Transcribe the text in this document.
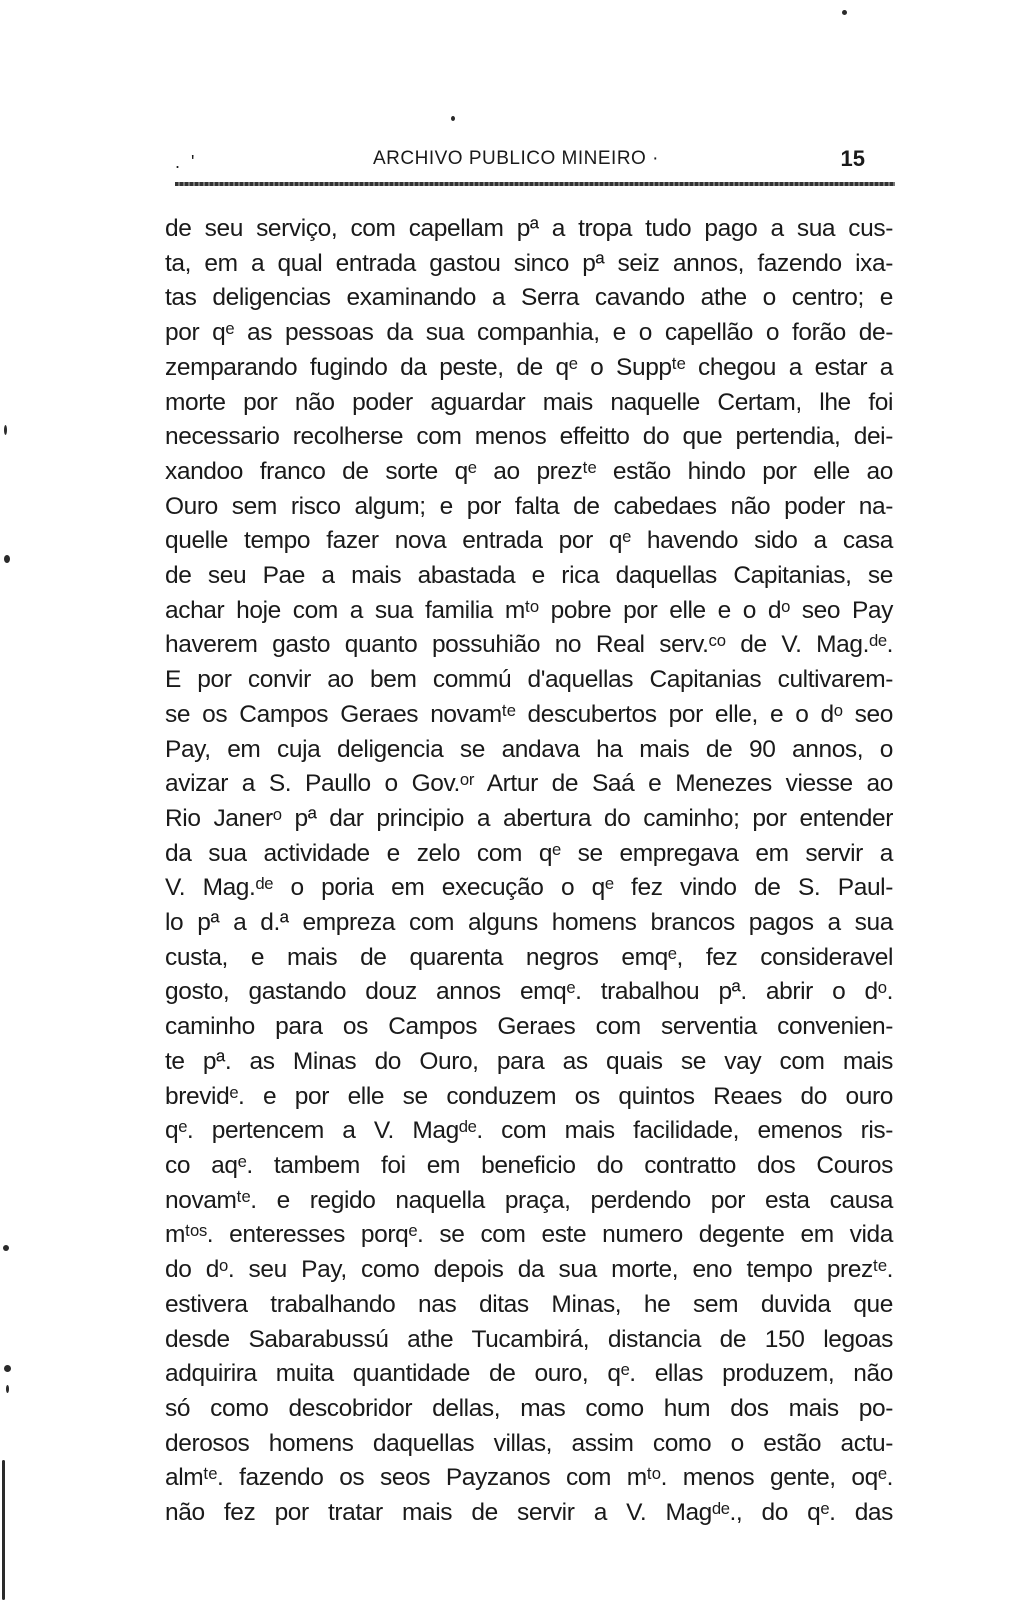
. '	ARCHIVO PUBLICO MINEIRO ·	15
de seu serviço, com capellam pª a tropa tudo pago a sua cus-
ta, em a qual entrada gastou sinco pª seiz annos, fazendo ixa-
tas deligencias examinando a Serra cavando athe o centro; e
por qᵉ as pessoas da sua companhia, e o capellão o forão de-
zemparando fugindo da peste, de qᵉ o Suppᵗᵉ chegou a estar a
morte por não poder aguardar mais naquelle Certam, lhe foi
necessario recolherse com menos effeitto do que pertendia, dei-
xandoo franco de sorte qᵉ ao prezᵗᵉ estão hindo por elle ao
Ouro sem risco algum; e por falta de cabedaes não poder na-
quelle tempo fazer nova entrada por qᵉ havendo sido a casa
de seu Pae a mais abastada e rica daquellas Capitanias, se
achar hoje com a sua familia mᵗᵒ pobre por elle e o dᵒ seo Pay
haverem gasto quanto possuhião no Real serv.ᶜᵒ de V. Mag.ᵈᵉ.
E por convir ao bem commú d'aquellas Capitanias cultivarem-
se os Campos Geraes novamᵗᵉ descubertos por elle, e o dᵒ seo
Pay, em cuja deligencia se andava ha mais de 90 annos, o
avizar a S. Paullo o Gov.ᵒʳ Artur de Saá e Menezes viesse ao
Rio Janerᵒ pª dar principio a abertura do caminho; por entender
da sua actividade e zelo com qᵉ se empregava em servir a
V. Mag.ᵈᵉ o poria em execução o qᵉ fez vindo de S. Paul-
lo pª a d.ª empreza com alguns homens brancos pagos a sua
custa, e mais de quarenta negros emqᵉ, fez consideravel
gosto, gastando douz annos emqᵉ. trabalhou pª. abrir o dᵒ.
caminho para os Campos Geraes com serventia convenien-
te pª. as Minas do Ouro, para as quais se vay com mais
brevidᵉ. e por elle se conduzem os quintos Reaes do ouro
qᵉ. pertencem a V. Magᵈᵉ. com mais facilidade, emenos ris-
co aqᵉ. tambem foi em beneficio do contratto dos Couros
novamᵗᵉ. e regido naquella praça, perdendo por esta causa
mᵗᵒˢ. enteresses porqᵉ. se com este numero degente em vida
do dᵒ. seu Pay, como depois da sua morte, eno tempo prezᵗᵉ.
estivera trabalhando nas ditas Minas, he sem duvida que
desde Sabarabussú athe Tucambirá, distancia de 150 legoas
adquirira muita quantidade de ouro, qᵉ. ellas produzem, não
só como descobridor dellas, mas como hum dos mais po-
derosos homens daquellas villas, assim como o estão actu-
almᵗᵉ. fazendo os seos Payzanos com mᵗᵒ. menos gente, oqᵉ.
não fez por tratar mais de servir a V. Magᵈᵉ., do qᵉ. das
